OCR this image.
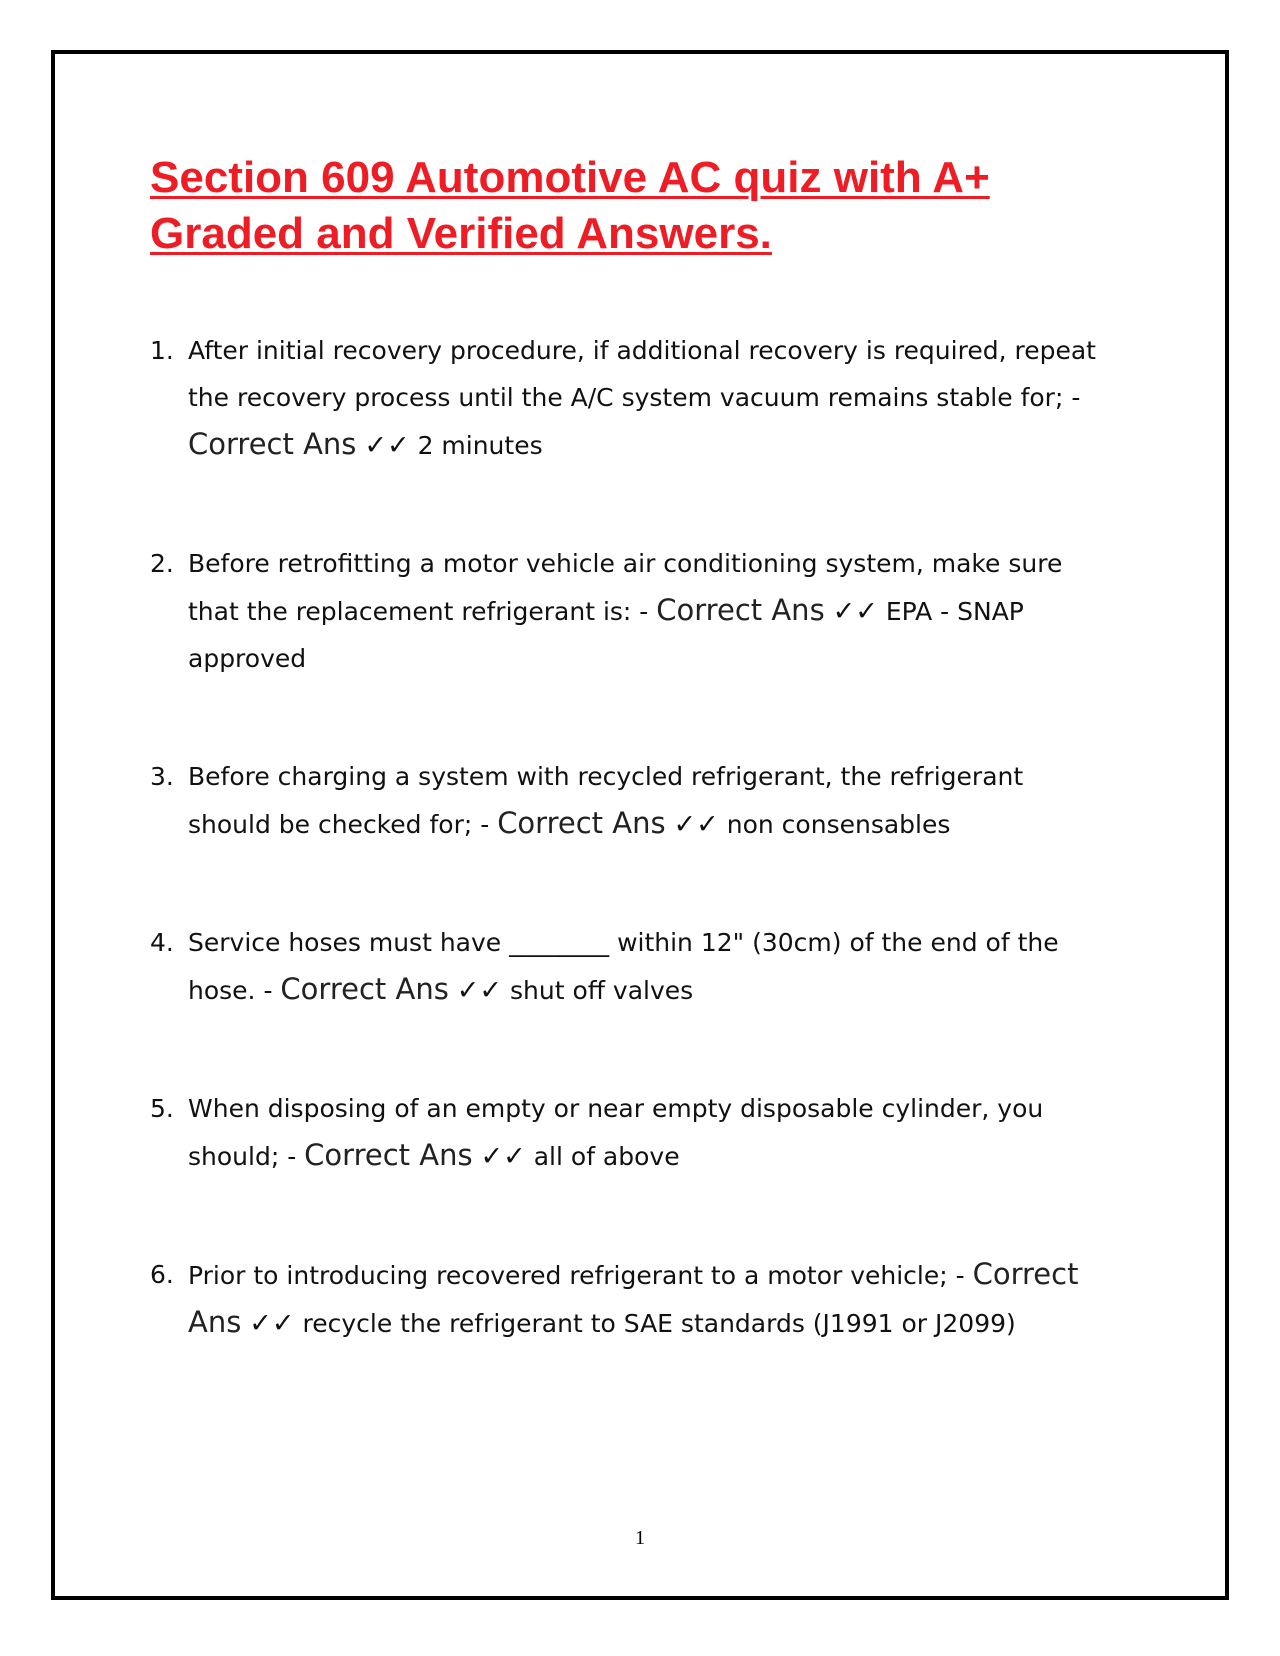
Section 609 Automotive AC quiz with A+ Graded and Verified Answers.
1. After initial recovery procedure, if additional recovery is required, repeat the recovery process until the A/C system vacuum remains stable for; - Correct Ans ✓✓ 2 minutes
2. Before retrofitting a motor vehicle air conditioning system, make sure that the replacement refrigerant is: - Correct Ans ✓✓ EPA - SNAP approved
3. Before charging a system with recycled refrigerant, the refrigerant should be checked for; - Correct Ans ✓✓ non consensables
4. Service hoses must have ________ within 12" (30cm) of the end of the hose. - Correct Ans ✓✓ shut off valves
5. When disposing of an empty or near empty disposable cylinder, you should; - Correct Ans ✓✓ all of above
6. Prior to introducing recovered refrigerant to a motor vehicle; - Correct Ans ✓✓ recycle the refrigerant to SAE standards (J1991 or J2099)
1
